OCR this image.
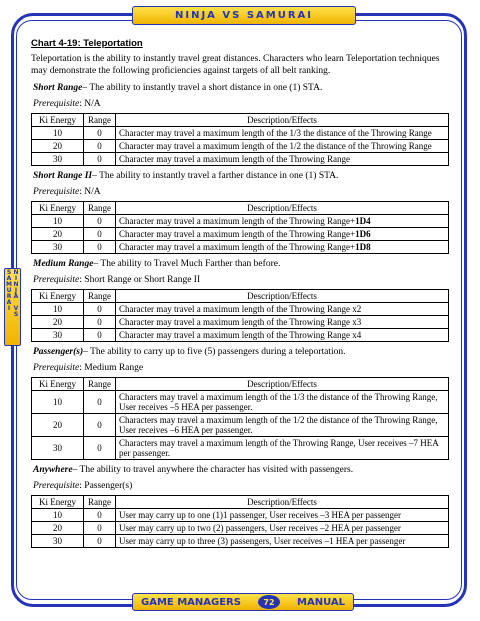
NINJA VS SAMURAI
NINJA VS SAMURAI
Chart 4-19: Teleportation

Teleportation is the ability to instantly travel great distances. Characters who learn Teleportation techniques may demonstrate the following proficiencies against targets of all belt ranking.

Short Range– The ability to instantly travel a short distance in one (1) STA.

Prerequisite: N/A

Ki Energy	Range	Description/Effects
10	0	Character may travel a maximum length of the 1/3 the distance of the Throwing Range
20	0	Character may travel a maximum length of the 1/2 the distance of the Throwing Range
30	0	Character may travel a maximum length of the Throwing Range

Short Range II– The ability to instantly travel a farther distance in one (1) STA.

Prerequisite: N/A

Ki Energy	Range	Description/Effects
10	0	Character may travel a maximum length of the Throwing Range+1D4
20	0	Character may travel a maximum length of the Throwing Range+1D6
30	0	Character may travel a maximum length of the Throwing Range+1D8

Medium Range– The ability to Travel Much Farther than before.

Prerequisite: Short Range or Short Range II

Ki Energy	Range	Description/Effects
10	0	Character may travel a maximum length of the Throwing Range x2
20	0	Character may travel a maximum length of the Throwing Range x3
30	0	Character may travel a maximum length of the Throwing Range x4

Passenger(s)– The ability to carry up to five (5) passengers during a teleportation.

Prerequisite: Medium Range

Ki Energy	Range	Description/Effects
10	0	Characters may travel a maximum length of the 1/3 the distance of the Throwing Range, User receives –5 HEA per passenger.
20	0	Characters may travel a maximum length of the 1/2 the distance of the Throwing Range, User receives –6 HEA per passenger.
30	0	Characters may travel a maximum length of the Throwing Range, User receives –7 HEA per passenger.

Anywhere– The ability to travel anywhere the character has visited with passengers.

Prerequisite: Passenger(s)

Ki Energy	Range	Description/Effects
10	0	User may carry up to one (1)1 passenger, User receives –3 HEA per passenger
20	0	User may carry up to two (2) passengers, User receives –2 HEA per passenger
30	0	User may carry up to three (3) passengers, User receives –1 HEA per passenger
GAME MANAGERS	72	MANUAL
